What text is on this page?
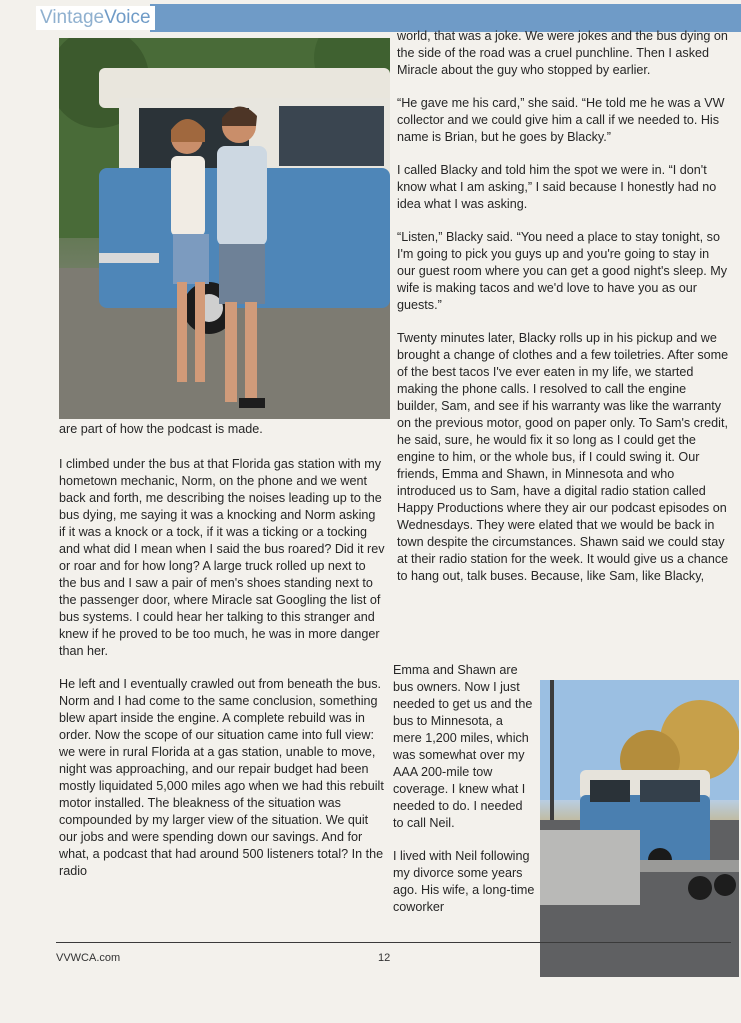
VintageVoice
are part of how the podcast is made.

I climbed under the bus at that Florida gas station with my hometown mechanic, Norm, on the phone and we went back and forth, me describing the noises leading up to the bus dying, me saying it was a knocking and Norm asking if it was a knock or a tock, if it was a ticking or a tocking and what did I mean when I said the bus roared? Did it rev or roar and for how long? A large truck rolled up next to the bus and I saw a pair of men's shoes standing next to the passenger door, where Miracle sat Googling the list of bus systems. I could hear her talking to this stranger and knew if he proved to be too much, he was in more danger than her.

He left and I eventually crawled out from beneath the bus. Norm and I had come to the same conclusion, something blew apart inside the engine. A complete rebuild was in order. Now the scope of our situation came into full view: we were in rural Florida at a gas station, unable to move, night was approaching, and our repair budget had been mostly liquidated 5,000 miles ago when we had this rebuilt motor installed. The bleakness of the situation was compounded by my larger view of the situation. We quit our jobs and were spending down our savings. And for what, a podcast that had around 500 listeners total? In the radio

world, that was a joke. We were jokes and the bus dying on the side of the road was a cruel punchline. Then I asked Miracle about the guy who stopped by earlier.

“He gave me his card,” she said. “He told me he was a VW collector and we could give him a call if we needed to. His name is Brian, but he goes by Blacky.”

I called Blacky and told him the spot we were in. “I don't know what I am asking,” I said because I honestly had no idea what I was asking.

“Listen,” Blacky said. “You need a place to stay tonight, so I'm going to pick you guys up and you're going to stay in our guest room where you can get a good night's sleep. My wife is making tacos and we'd love to have you as our guests.”

Twenty minutes later, Blacky rolls up in his pickup and we brought a change of clothes and a few toiletries. After some of the best tacos I've ever eaten in my life, we started making the phone calls. I resolved to call the engine builder, Sam, and see if his warranty was like the warranty on the previous motor, good on paper only. To Sam's credit, he said, sure, he would fix it so long as I could get the engine to him, or the whole bus, if I could swing it. Our friends, Emma and Shawn, in Minnesota and who introduced us to Sam, have a digital radio station called Happy Productions where they air our podcast episodes on Wednesdays. They were elated that we would be back in town despite the circumstances. Shawn said we could stay at their radio station for the week. It would give us a chance to hang out, talk buses. Because, like Sam, like Blacky,

Emma and Shawn are bus owners. Now I just needed to get us and the bus to Minnesota, a mere 1,200 miles, which was somewhat over my AAA 200-mile tow coverage. I knew what I needed to do. I needed to call Neil.

I lived with Neil following my divorce some years ago. His wife, a long-time coworker

VVWCA.com	12
